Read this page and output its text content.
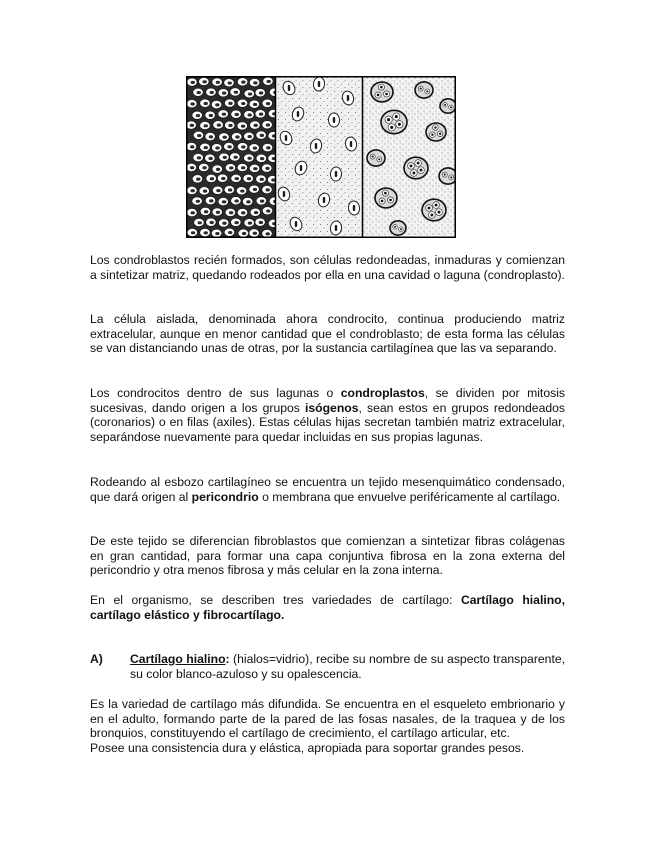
Los condroblastos recién formados, son células redondeadas, inmaduras y comienzan a sintetizar matriz, quedando rodeados por ella en una cavidad o laguna (condroplasto).

La célula aislada, denominada ahora condrocito, continua produciendo matriz extracelular, aunque en menor cantidad que el condroblasto; de esta forma las células se van distanciando unas de otras, por la sustancia cartilagínea que las va separando.

Los condrocitos dentro de sus lagunas o condroplastos, se dividen por mitosis sucesivas, dando origen a los grupos isógenos, sean estos en grupos redondeados (coronarios) o en filas (axiles). Estas células hijas secretan también matriz extracelular, separándose nuevamente para quedar incluidas en sus propias lagunas.

Rodeando al esbozo cartilagíneo se encuentra un tejido mesenquimático condensado, que dará origen al pericondrio o membrana que envuelve periféricamente al cartílago.

De este tejido se diferencian fibroblastos que comienzan a sintetizar fibras colágenas en gran cantidad, para formar una capa conjuntiva fibrosa en la zona externa del pericondrio y otra menos fibrosa y más celular en la zona interna.

En el organismo, se describen tres variedades de cartílago: Cartílago hialino, cartílago elástico y fibrocartílago.

A) Cartílago hialino: (hialos=vidrio), recibe su nombre de su aspecto transparente, su color blanco-azuloso y su opalescencia.

Es la variedad de cartílago más difundida. Se encuentra en el esqueleto embrionario y en el adulto, formando parte de la pared de las fosas nasales, de la traquea y de los bronquios, constituyendo el cartílago de crecimiento, el cartílago articular, etc.

Posee una consistencia dura y elástica, apropiada para soportar grandes pesos.
